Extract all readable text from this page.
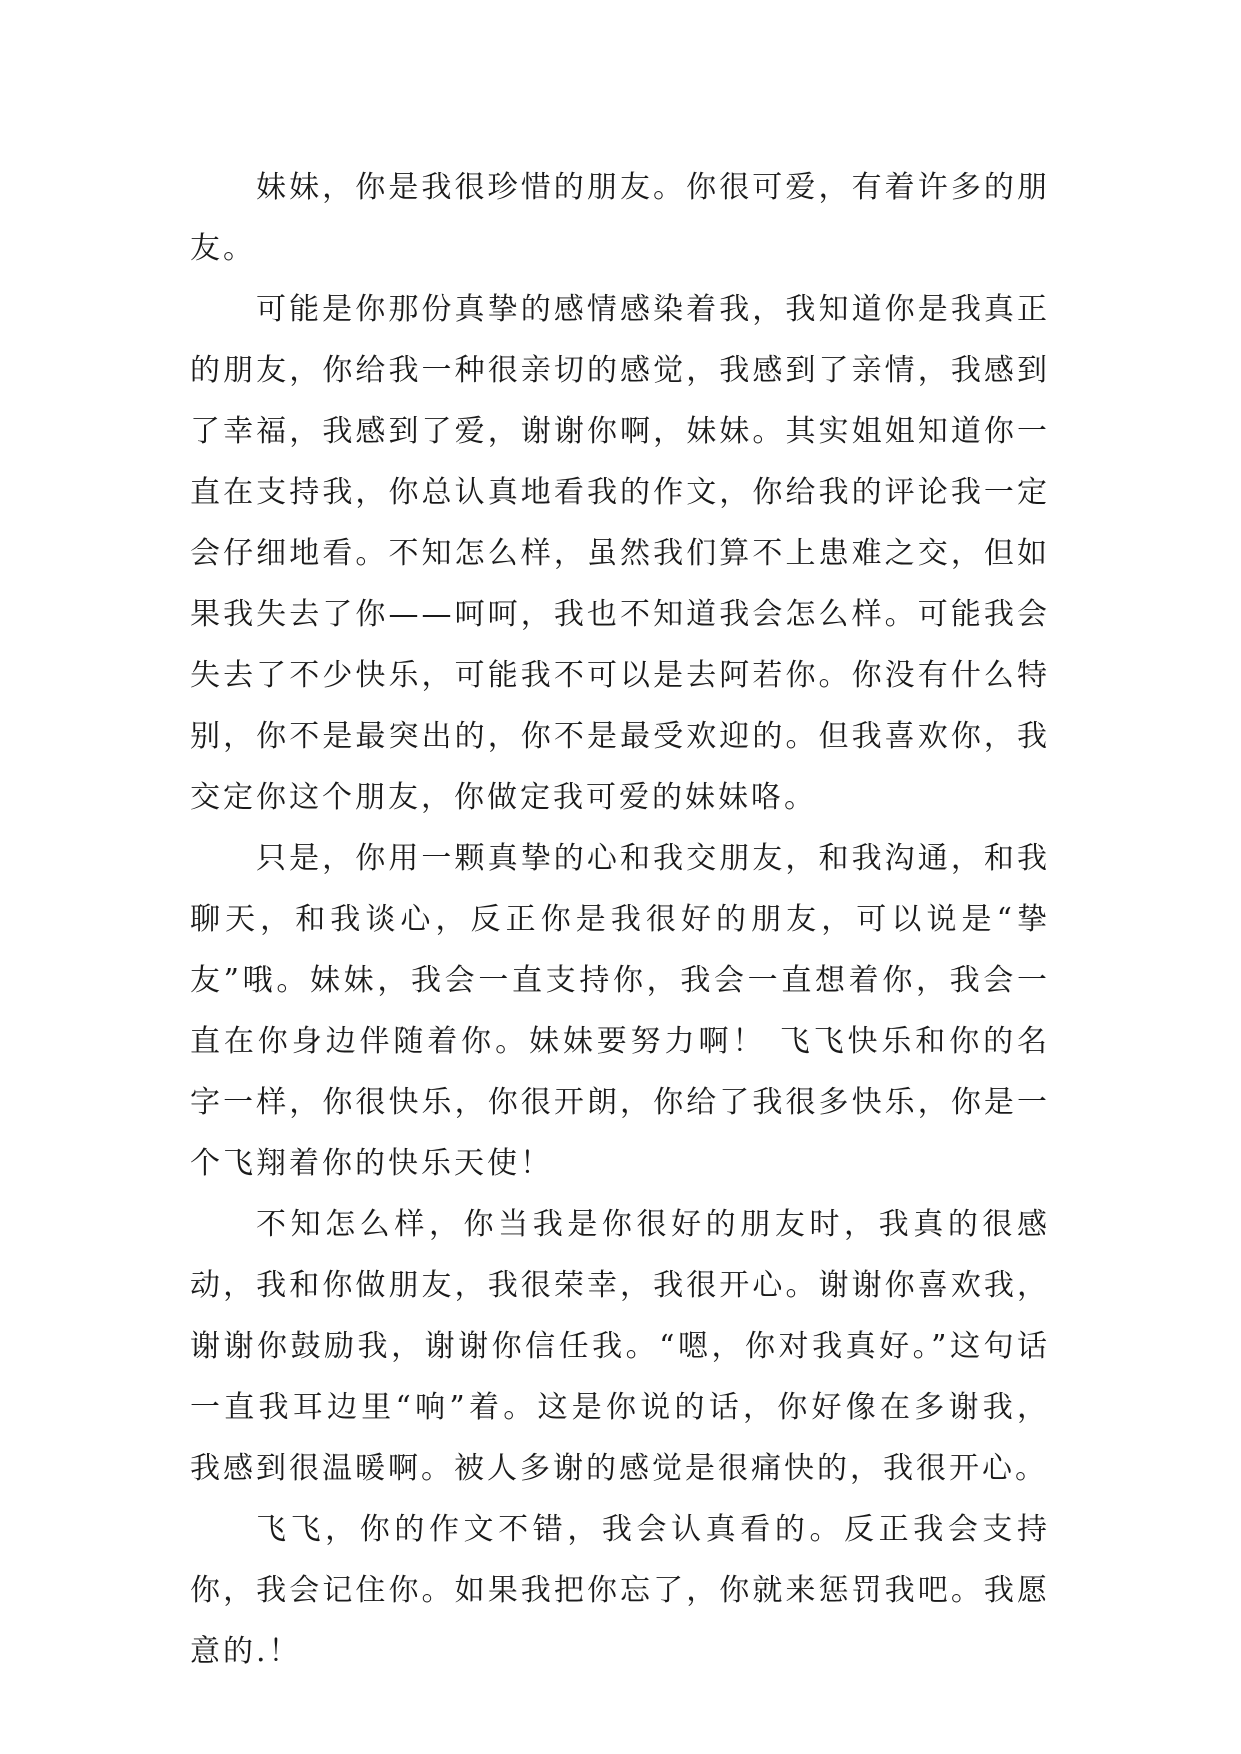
妹妹，你是我很珍惜的朋友。你很可爱，有着许多的朋友。

可能是你那份真挚的感情感染着我，我知道你是我真正的朋友，你给我一种很亲切的感觉，我感到了亲情，我感到了幸福，我感到了爱，谢谢你啊，妹妹。其实姐姐知道你一直在支持我，你总认真地看我的作文，你给我的评论我一定会仔细地看。不知怎么样，虽然我们算不上患难之交，但如果我失去了你——呵呵，我也不知道我会怎么样。可能我会失去了不少快乐，可能我不可以是去阿若你。你没有什么特别，你不是最突出的，你不是最受欢迎的。但我喜欢你，我交定你这个朋友，你做定我可爱的妹妹咯。

只是，你用一颗真挚的心和我交朋友，和我沟通，和我聊天，和我谈心，反正你是我很好的朋友，可以说是“挚友”哦。妹妹，我会一直支持你，我会一直想着你，我会一直在你身边伴随着你。妹妹要努力啊！ 飞飞快乐和你的名字一样，你很快乐，你很开朗，你给了我很多快乐，你是一个飞翔着你的快乐天使！

不知怎么样，你当我是你很好的朋友时，我真的很感动，我和你做朋友，我很荣幸，我很开心。谢谢你喜欢我，谢谢你鼓励我，谢谢你信任我。“嗯，你对我真好。”这句话一直我耳边里“响”着。这是你说的话，你好像在多谢我，我感到很温暖啊。被人多谢的感觉是很痛快的，我很开心。

飞飞，你的作文不错，我会认真看的。反正我会支持你，我会记住你。如果我把你忘了，你就来惩罚我吧。我愿意的.！
